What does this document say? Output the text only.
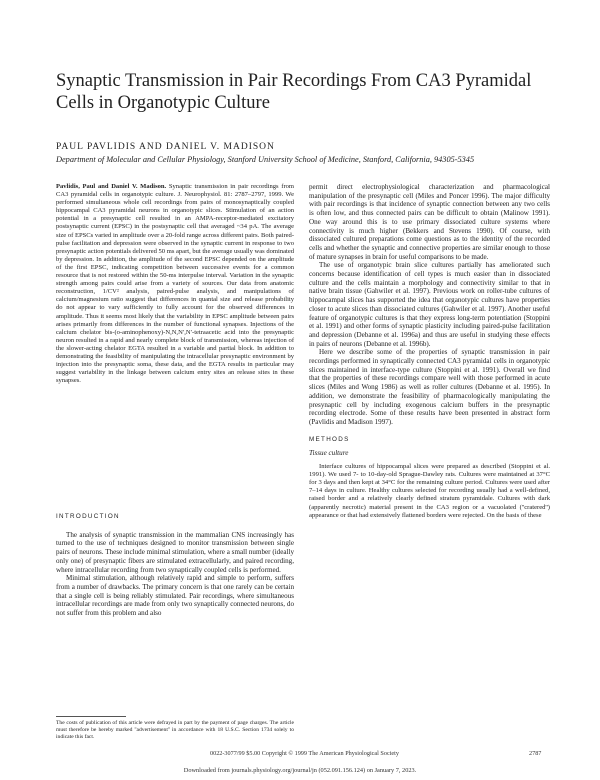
Synaptic Transmission in Pair Recordings From CA3 Pyramidal Cells in Organotypic Culture
PAUL PAVLIDIS AND DANIEL V. MADISON
Department of Molecular and Cellular Physiology, Stanford University School of Medicine, Stanford, California, 94305-5345

Pavlidis, Paul and Daniel V. Madison. Synaptic transmission in pair recordings from CA3 pyramidal cells in organotypic culture. J. Neurophysiol. 81: 2787–2797, 1999. We performed simultaneous whole cell recordings from pairs of monosynaptically coupled hippocampal CA3 pyramidal neurons in organotypic slices. Stimulation of an action potential in a presynaptic cell resulted in an AMPA-receptor-mediated excitatory postsynaptic current (EPSC) in the postsynaptic cell that averaged ~34 pA. The average size of EPSCs varied in amplitude over a 20-fold range across different pairs. Both paired-pulse facilitation and depression were observed in the synaptic current in response to two presynaptic action potentials delivered 50 ms apart, but the average usually was dominated by depression. In addition, the amplitude of the second EPSC depended on the amplitude of the first EPSC, indicating competition between successive events for a common resource that is not restored within the 50-ms interpulse interval. Variation in the synaptic strength among pairs could arise from a variety of sources. Our data from anatomic reconstruction, 1/CV² analysis, paired-pulse analysis, and manipulations of calcium/magnesium ratio suggest that differences in quantal size and release probability do not appear to vary sufficiently to fully account for the observed differences in amplitude. Thus it seems most likely that the variability in EPSC amplitude between pairs arises primarily from differences in the number of functional synapses. Injections of the calcium chelator bis-(o-aminophenoxy)-N,N,N′,N′-tetraacetic acid into the presynaptic neuron resulted in a rapid and nearly complete block of transmission, whereas injection of the slower-acting chelator EGTA resulted in a variable and partial block. In addition to demonstrating the feasibility of manipulating the intracellular presynaptic environment by injection into the presynaptic soma, these data, and the EGTA results in particular may suggest variability in the linkage between calcium entry sites an release sites in these synapses.

INTRODUCTION

The analysis of synaptic transmission in the mammalian CNS increasingly has turned to the use of techniques designed to monitor transmission between single pairs of neurons. These include minimal stimulation, where a small number (ideally only one) of presynaptic fibers are stimulated extracellularly, and paired recording, where intracellular recording from two synaptically coupled cells is performed.

Minimal stimulation, although relatively rapid and simple to perform, suffers from a number of drawbacks. The primary concern is that one rarely can be certain that a single cell is being reliably stimulated. Pair recordings, where simultaneous intracellular recordings are made from only two synaptically connected neurons, do not suffer from this problem and also

The costs of publication of this article were defrayed in part by the payment of page charges. The article must therefore be hereby marked ''advertisement'' in accordance with 18 U.S.C. Section 1734 solely to indicate this fact.

permit direct electrophysiological characterization and pharmacological manipulation of the presynaptic cell (Miles and Poncer 1996). The major difficulty with pair recordings is that incidence of synaptic connection between any two cells is often low, and thus connected pairs can be difficult to obtain (Malinow 1991). One way around this is to use primary dissociated culture systems where connectivity is much higher (Bekkers and Stevens 1990). Of course, with dissociated cultured preparations come questions as to the identity of the recorded cells and whether the synaptic and connective properties are similar enough to those of mature synapses in brain for useful comparisons to be made.

The use of organotypic brain slice cultures partially has ameliorated such concerns because identification of cell types is much easier than in dissociated culture and the cells maintain a morphology and connectivity similar to that in native brain tissue (Gahwiler et al. 1997). Previous work on roller-tube cultures of hippocampal slices has supported the idea that organotypic cultures have properties closer to acute slices than dissociated cultures (Gahwiler et al. 1997). Another useful feature of organotypic cultures is that they express long-term potentiation (Stoppini et al. 1991) and other forms of synaptic plasticity including paired-pulse facilitation and depression (Debanne et al. 1996a) and thus are useful in studying these effects in pairs of neurons (Debanne et al. 1996b).

Here we describe some of the properties of synaptic transmission in pair recordings performed in synaptically connected CA3 pyramidal cells in organotypic slices maintained in interface-type culture (Stoppini et al. 1991). Overall we find that the properties of these recordings compare well with those performed in acute slices (Miles and Wong 1986) as well as roller cultures (Debanne et al. 1995). In addition, we demonstrate the feasibility of pharmacologically manipulating the presynaptic cell by including exogenous calcium buffers in the presynaptic recording electrode. Some of these results have been presented in abstract form (Pavlidis and Madison 1997).

METHODS

Tissue culture

Interface cultures of hippocampal slices were prepared as described (Stoppini et al. 1991). We used 7- to 10-day-old Sprague-Dawley rats. Cultures were maintained at 37°C for 3 days and then kept at 34°C for the remaining culture period. Cultures were used after 7–14 days in culture. Healthy cultures selected for recording usually had a well-defined, raised border and a relatively clearly defined stratum pyramidale. Cultures with dark (apparently necrotic) material present in the CA3 region or a vacuolated (''cratered'') appearance or that had extensively flattened borders were rejected. On the basis of these

0022-3077/99 $5.00 Copyright © 1999 The American Physiological Society	2787
Downloaded from journals.physiology.org/journal/jn (052.091.156.124) on January 7, 2023.
